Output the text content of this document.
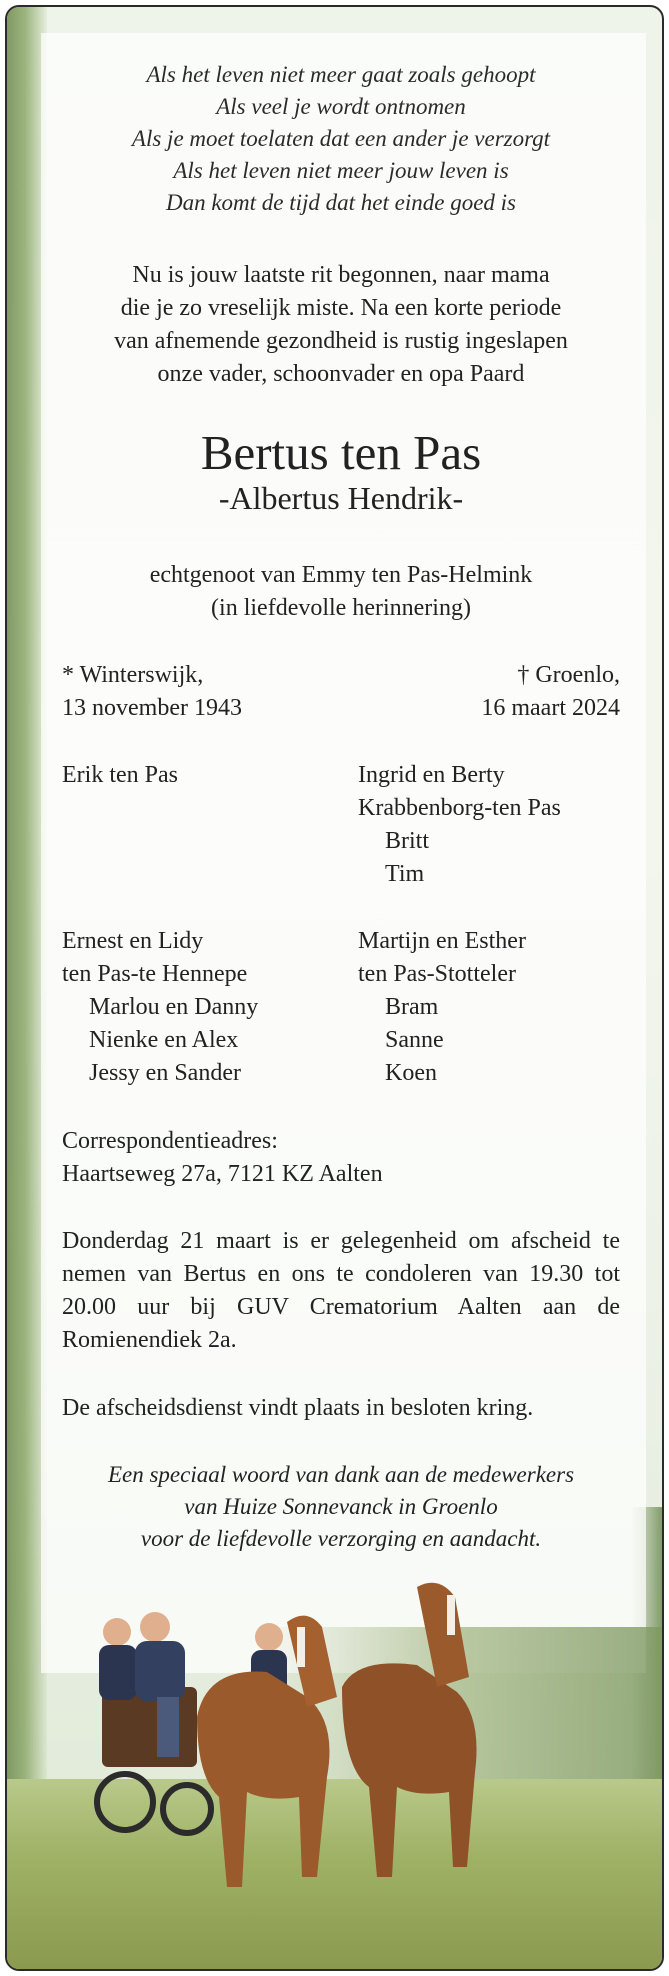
Als het leven niet meer gaat zoals gehoopt
Als veel je wordt ontnomen
Als je moet toelaten dat een ander je verzorgt
Als het leven niet meer jouw leven is
Dan komt de tijd dat het einde goed is
Nu is jouw laatste rit begonnen, naar mama
die je zo vreselijk miste. Na een korte periode
van afnemende gezondheid is rustig ingeslapen
onze vader, schoonvader en opa Paard
Bertus ten Pas
-Albertus Hendrik-
echtgenoot van Emmy ten Pas-Helmink
(in liefdevolle herinnering)
* Winterswijk,
13 november 1943
† Groenlo,
16 maart 2024
Erik ten Pas	Ingrid en Berty
Krabbenborg-ten Pas
Britt
Tim
Ernest en Lidy
ten Pas-te Hennepe
Marlou en Danny
Nienke en Alex
Jessy en Sander
Martijn en Esther
ten Pas-Stotteler
Bram
Sanne
Koen
Correspondentieadres:
Haartseweg 27a, 7121 KZ Aalten
Donderdag 21 maart is er gelegenheid om afscheid te nemen van Bertus en ons te condoleren van 19.30 tot 20.00 uur bij GUV Crematorium Aalten aan de Romienendiek 2a.
De afscheidsdienst vindt plaats in besloten kring.
Een speciaal woord van dank aan de medewerkers
van Huize Sonnevanck in Groenlo
voor de liefdevolle verzorging en aandacht.
